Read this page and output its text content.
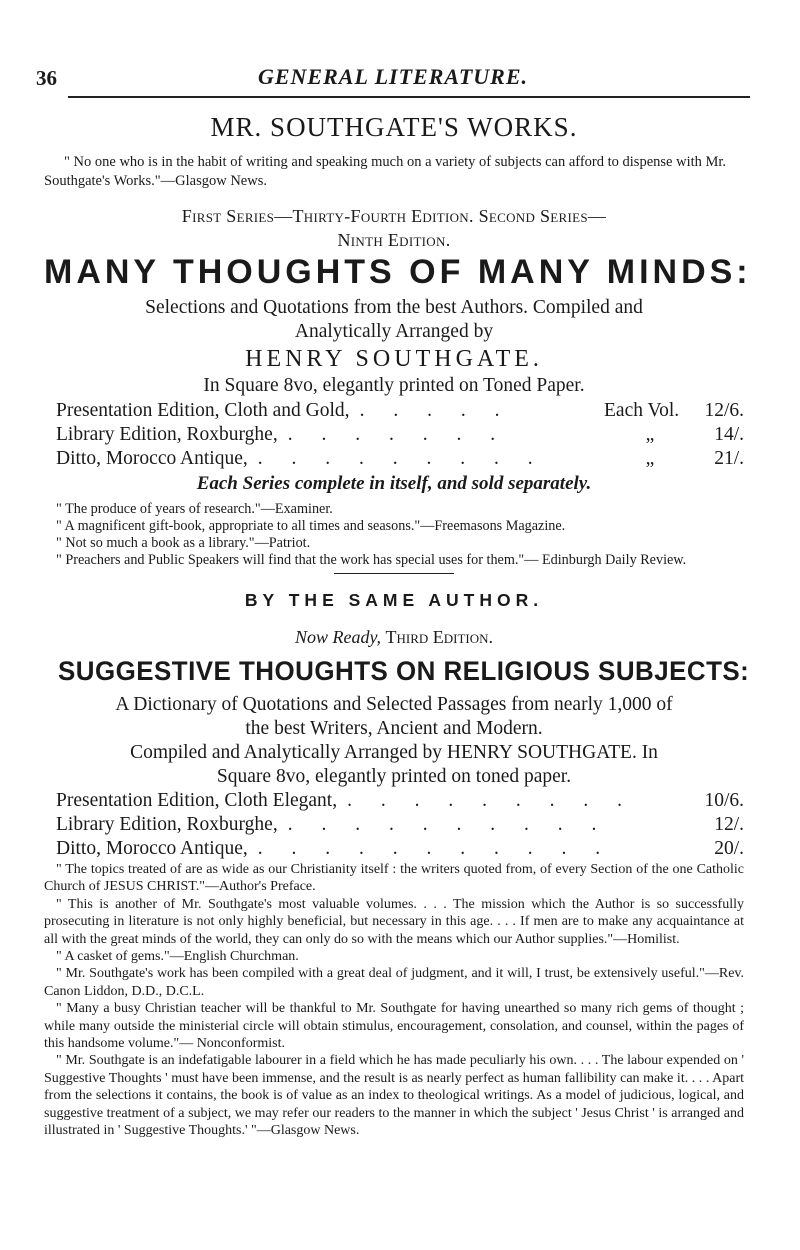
36	GENERAL LITERATURE.
MR. SOUTHGATE'S WORKS.

" No one who is in the habit of writing and speaking much on a variety of subjects can afford to dispense with Mr. Southgate's Works."—Glasgow News.

First Series—Thirty-Fourth Edition. Second Series—
Ninth Edition.
MANY THOUGHTS OF MANY MINDS:

Selections and Quotations from the best Authors. Compiled and

Analytically Arranged by

HENRY SOUTHGATE.
In Square 8vo, elegantly printed on Toned Paper.
Presentation Edition, Cloth and Gold, . . . . .	Each Vol.	12/6.
Library Edition, Roxburghe, . . . . . . .	„	14/.
Ditto, Morocco Antique, . . . . . . . . .	„	21/.
Each Series complete in itself, and sold separately.

" The produce of years of research."—Examiner.

" A magnificent gift-book, appropriate to all times and seasons."—Freemasons Magazine.

" Not so much a book as a library."—Patriot.

" Preachers and Public Speakers will find that the work has special uses for them."— Edinburgh Daily Review.

BY THE SAME AUTHOR.
Now Ready, Third Edition.
SUGGESTIVE THOUGHTS ON RELIGIOUS SUBJECTS:

A Dictionary of Quotations and Selected Passages from nearly 1,000 of

the best Writers, Ancient and Modern.

Compiled and Analytically Arranged by HENRY SOUTHGATE. In

Square 8vo, elegantly printed on toned paper.

Presentation Edition, Cloth Elegant, . . . . . . . . .	10/6.
Library Edition, Roxburghe, . . . . . . . . . .	12/.
Ditto, Morocco Antique, . . . . . . . . . . .	20/.

" The topics treated of are as wide as our Christianity itself : the writers quoted from, of every Section of the one Catholic Church of JESUS CHRIST."—Author's Preface.

" This is another of Mr. Southgate's most valuable volumes. . . . The mission which the Author is so successfully prosecuting in literature is not only highly beneficial, but necessary in this age. . . . If men are to make any acquaintance at all with the great minds of the world, they can only do so with the means which our Author supplies."—Homilist.

" A casket of gems."—English Churchman.

" Mr. Southgate's work has been compiled with a great deal of judgment, and it will, I trust, be extensively useful."—Rev. Canon Liddon, D.D., D.C.L.

" Many a busy Christian teacher will be thankful to Mr. Southgate for having unearthed so many rich gems of thought ; while many outside the ministerial circle will obtain stimulus, encouragement, consolation, and counsel, within the pages of this handsome volume."— Nonconformist.

" Mr. Southgate is an indefatigable labourer in a field which he has made peculiarly his own. . . . The labour expended on ' Suggestive Thoughts ' must have been immense, and the result is as nearly perfect as human fallibility can make it. . . . Apart from the selections it contains, the book is of value as an index to theological writings. As a model of judicious, logical, and suggestive treatment of a subject, we may refer our readers to the manner in which the subject ' Jesus Christ ' is arranged and illustrated in ' Suggestive Thoughts.' "—Glasgow News.
